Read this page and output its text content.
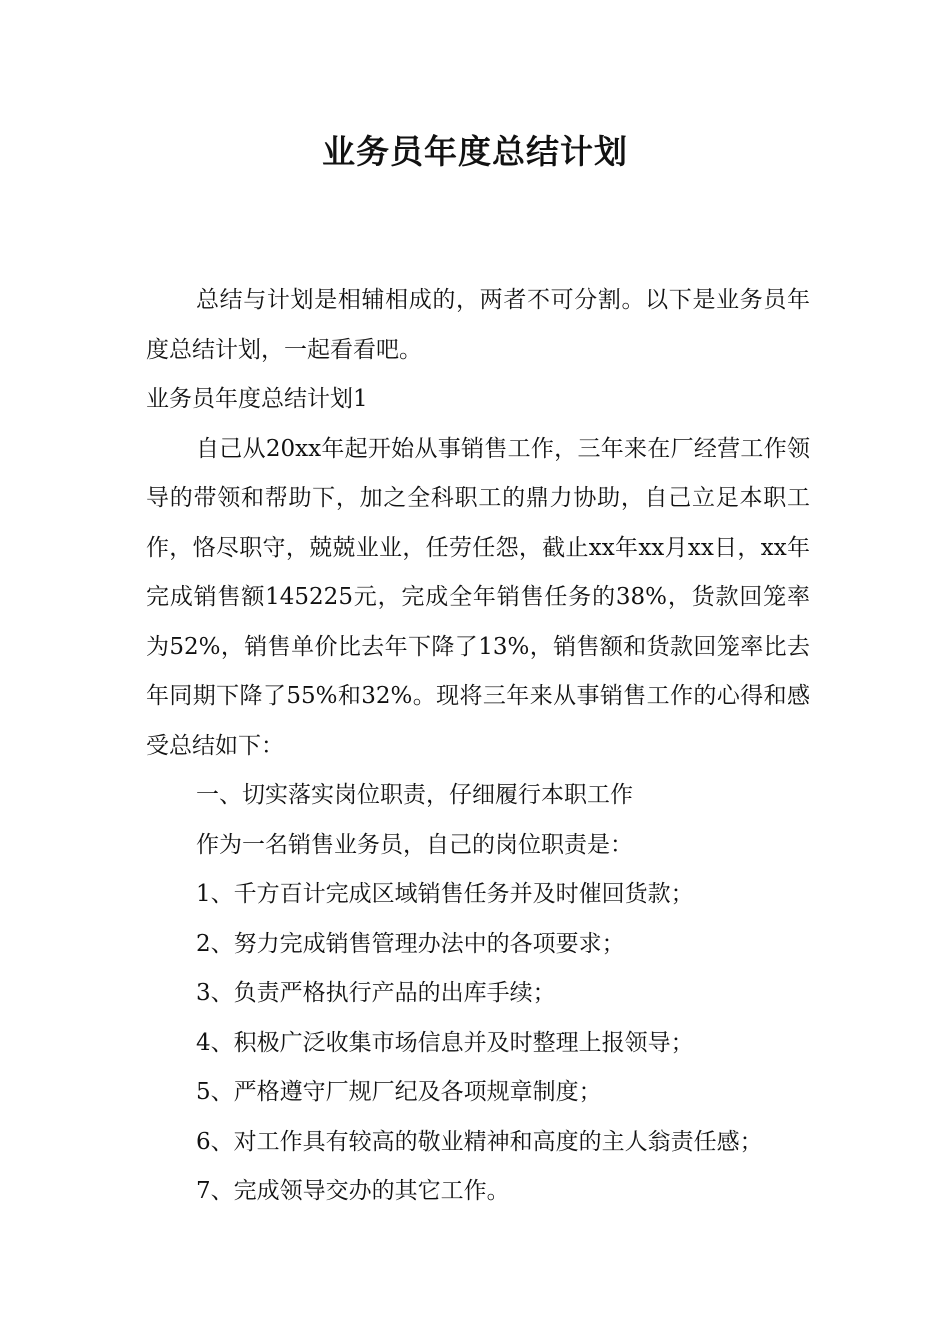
业务员年度总结计划

总结与计划是相辅相成的，两者不可分割。以下是业务员年度总结计划，一起看看吧。

业务员年度总结计划1

自己从20xx年起开始从事销售工作，三年来在厂经营工作领导的带领和帮助下，加之全科职工的鼎力协助，自己立足本职工作，恪尽职守，兢兢业业，任劳任怨，截止xx年xx月xx日，xx年完成销售额145225元，完成全年销售任务的38%，货款回笼率为52%，销售单价比去年下降了13%，销售额和货款回笼率比去年同期下降了55%和32%。现将三年来从事销售工作的心得和感受总结如下：

一、切实落实岗位职责，仔细履行本职工作

作为一名销售业务员，自己的岗位职责是：

1、千方百计完成区域销售任务并及时催回货款；

2、努力完成销售管理办法中的各项要求；

3、负责严格执行产品的出库手续；

4、积极广泛收集市场信息并及时整理上报领导；

5、严格遵守厂规厂纪及各项规章制度；

6、对工作具有较高的敬业精神和高度的主人翁责任感；

7、完成领导交办的其它工作。
